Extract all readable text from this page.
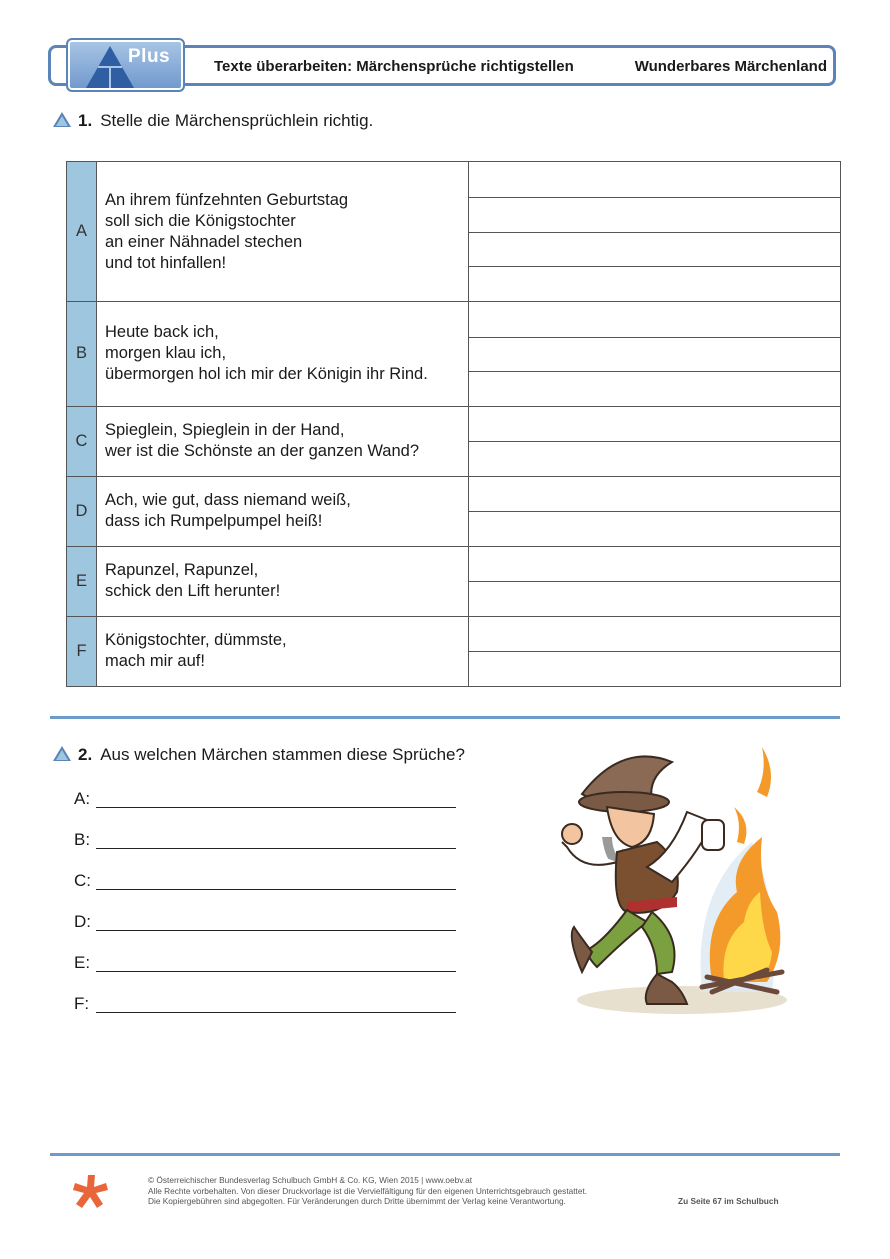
Plus	Texte überarbeiten: Märchensprüche richtigstellen	Wunderbares Märchenland
1. Stelle die Märchensprüchlein richtig.
A	An ihrem fünfzehnten Geburtstag
soll sich die Königstochter
an einer Nähnadel stechen
und tot hinfallen!	

B	Heute back ich,
morgen klau ich,
übermorgen hol ich mir der Königin ihr Rind.	

C	Spieglein, Spieglein in der Hand,
wer ist die Schönste an der ganzen Wand?	

D	Ach, wie gut, dass niemand weiß,
dass ich Rumpelpumpel heiß!	

E	Rapunzel, Rapunzel,
schick den Lift herunter!	

F	Königstochter, dümmste,
mach mir auf!	

2. Aus welchen Märchen stammen diese Sprüche?
A:
B:
C:
D:
E:
F:
© Österreichischer Bundesverlag Schulbuch GmbH & Co. KG, Wien 2015 | www.oebv.at
Alle Rechte vorbehalten. Von dieser Druckvorlage ist die Vervielfältigung für den eigenen Unterrichtsgebrauch gestattet.
Die Kopiergebühren sind abgegolten. Für Veränderungen durch Dritte übernimmt der Verlag keine Verantwortung.	Zu Seite 67 im Schulbuch
